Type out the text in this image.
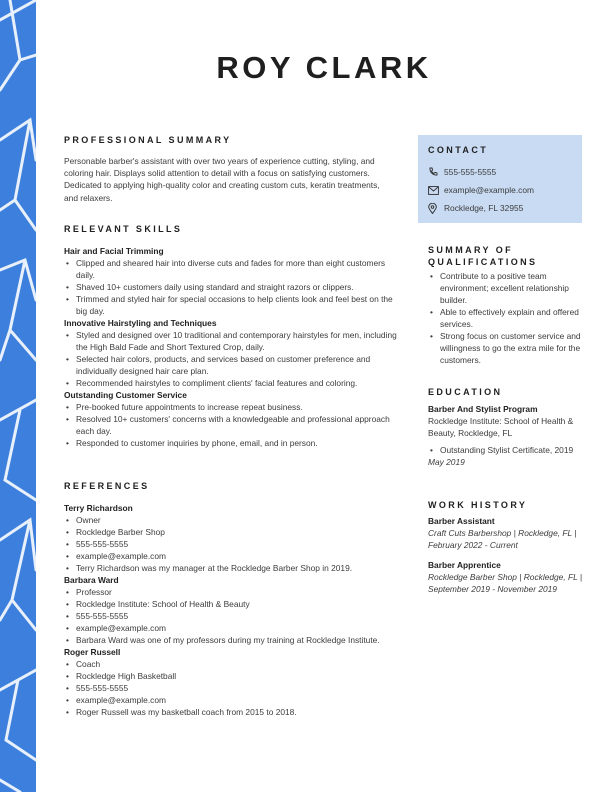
ROY CLARK
PROFESSIONAL SUMMARY
Personable barber's assistant with over two years of experience cutting, styling, and coloring hair. Displays solid attention to detail with a focus on satisfying customers. Dedicated to applying high-quality color and creating custom cuts, keratin treatments, and relaxers.
RELEVANT SKILLS
Hair and Facial Trimming
• Clipped and sheared hair into diverse cuts and fades for more than eight customers daily.
• Shaved 10+ customers daily using standard and straight razors or clippers.
• Trimmed and styled hair for special occasions to help clients look and feel best on the big day.
Innovative Hairstyling and Techniques
• Styled and designed over 10 traditional and contemporary hairstyles for men, including the High Bald Fade and Short Textured Crop, daily.
• Selected hair colors, products, and services based on customer preference and individually designed hair care plan.
• Recommended hairstyles to compliment clients' facial features and coloring.
Outstanding Customer Service
• Pre-booked future appointments to increase repeat business.
• Resolved 10+ customers' concerns with a knowledgeable and professional approach each day.
• Responded to customer inquiries by phone, email, and in person.
REFERENCES
Terry Richardson
• Owner
• Rockledge Barber Shop
• 555-555-5555
• example@example.com
• Terry Richardson was my manager at the Rockledge Barber Shop in 2019.
Barbara Ward
• Professor
• Rockledge Institute: School of Health & Beauty
• 555-555-5555
• example@example.com
• Barbara Ward was one of my professors during my training at Rockledge Institute.
Roger Russell
• Coach
• Rockledge High Basketball
• 555-555-5555
• example@example.com
• Roger Russell was my basketball coach from 2015 to 2018.
CONTACT
555-555-5555
example@example.com
Rockledge, FL 32955
SUMMARY OF
QUALIFICATIONS
• Contribute to a positive team environment; excellent relationship builder.
• Able to effectively explain and offered services.
• Strong focus on customer service and willingness to go the extra mile for the customers.
EDUCATION
Barber And Stylist Program
Rockledge Institute: School of Health & Beauty, Rockledge, FL
• Outstanding Stylist Certificate, 2019
May 2019
WORK HISTORY
Barber Assistant
Craft Cuts Barbershop | Rockledge, FL | February 2022 - Current
Barber Apprentice
Rockledge Barber Shop | Rockledge, FL | September 2019 - November 2019
